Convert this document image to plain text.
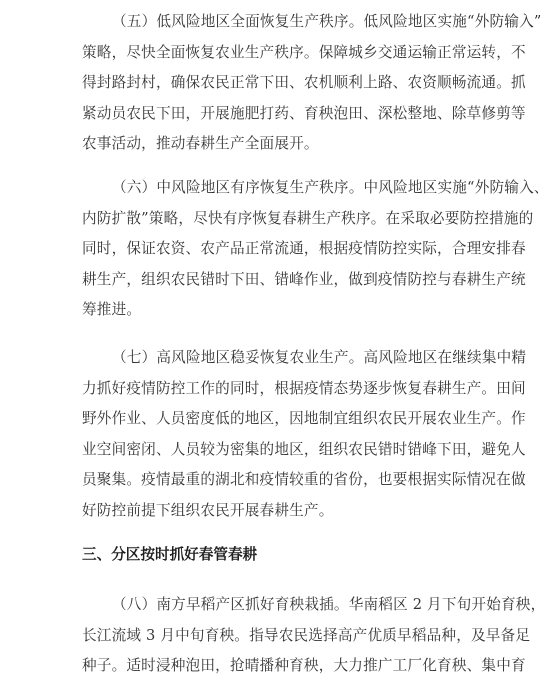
（五）低风险地区全面恢复生产秩序。低风险地区实施“外防输入”
策略，尽快全面恢复农业生产秩序。保障城乡交通运输正常运转，不
得封路封村，确保农民正常下田、农机顺利上路、农资顺畅流通。抓
紧动员农民下田，开展施肥打药、育秧泡田、深松整地、除草修剪等
农事活动，推动春耕生产全面展开。

（六）中风险地区有序恢复生产秩序。中风险地区实施“外防输入、
内防扩散”策略，尽快有序恢复春耕生产秩序。在采取必要防控措施的
同时，保证农资、农产品正常流通，根据疫情防控实际，合理安排春
耕生产，组织农民错时下田、错峰作业，做到疫情防控与春耕生产统
筹推进。

（七）高风险地区稳妥恢复农业生产。高风险地区在继续集中精
力抓好疫情防控工作的同时，根据疫情态势逐步恢复春耕生产。田间
野外作业、人员密度低的地区，因地制宜组织农民开展农业生产。作
业空间密闭、人员较为密集的地区，组织农民错时错峰下田，避免人
员聚集。疫情最重的湖北和疫情较重的省份，也要根据实际情况在做
好防控前提下组织农民开展春耕生产。

三、分区按时抓好春管春耕

（八）南方早稻产区抓好育秧栽插。华南稻区 2 月下旬开始育秧，
长江流域 3 月中旬育秧。指导农民选择高产优质早稻品种，及早备足
种子。适时浸种泡田，抢晴播种育秧，大力推广工厂化育秧、集中育
